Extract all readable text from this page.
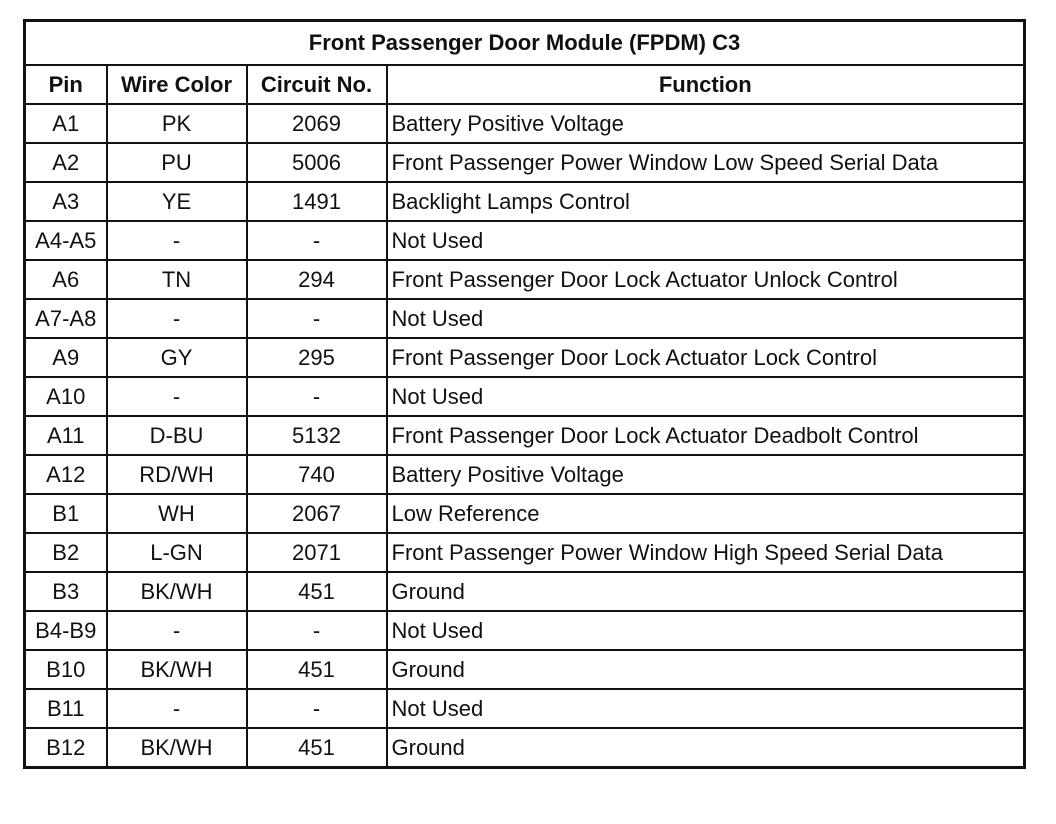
Front Passenger Door Module (FPDM) C3			
Pin	Wire Color	Circuit No.	Function
A1	PK	2069	Battery Positive Voltage
A2	PU	5006	Front Passenger Power Window Low Speed Serial Data
A3	YE	1491	Backlight Lamps Control
A4-A5	-	-	Not Used
A6	TN	294	Front Passenger Door Lock Actuator Unlock Control
A7-A8	-	-	Not Used
A9	GY	295	Front Passenger Door Lock Actuator Lock Control
A10	-	-	Not Used
A11	D-BU	5132	Front Passenger Door Lock Actuator Deadbolt Control
A12	RD/WH	740	Battery Positive Voltage
B1	WH	2067	Low Reference
B2	L-GN	2071	Front Passenger Power Window High Speed Serial Data
B3	BK/WH	451	Ground
B4-B9	-	-	Not Used
B10	BK/WH	451	Ground
B11	-	-	Not Used
B12	BK/WH	451	Ground
